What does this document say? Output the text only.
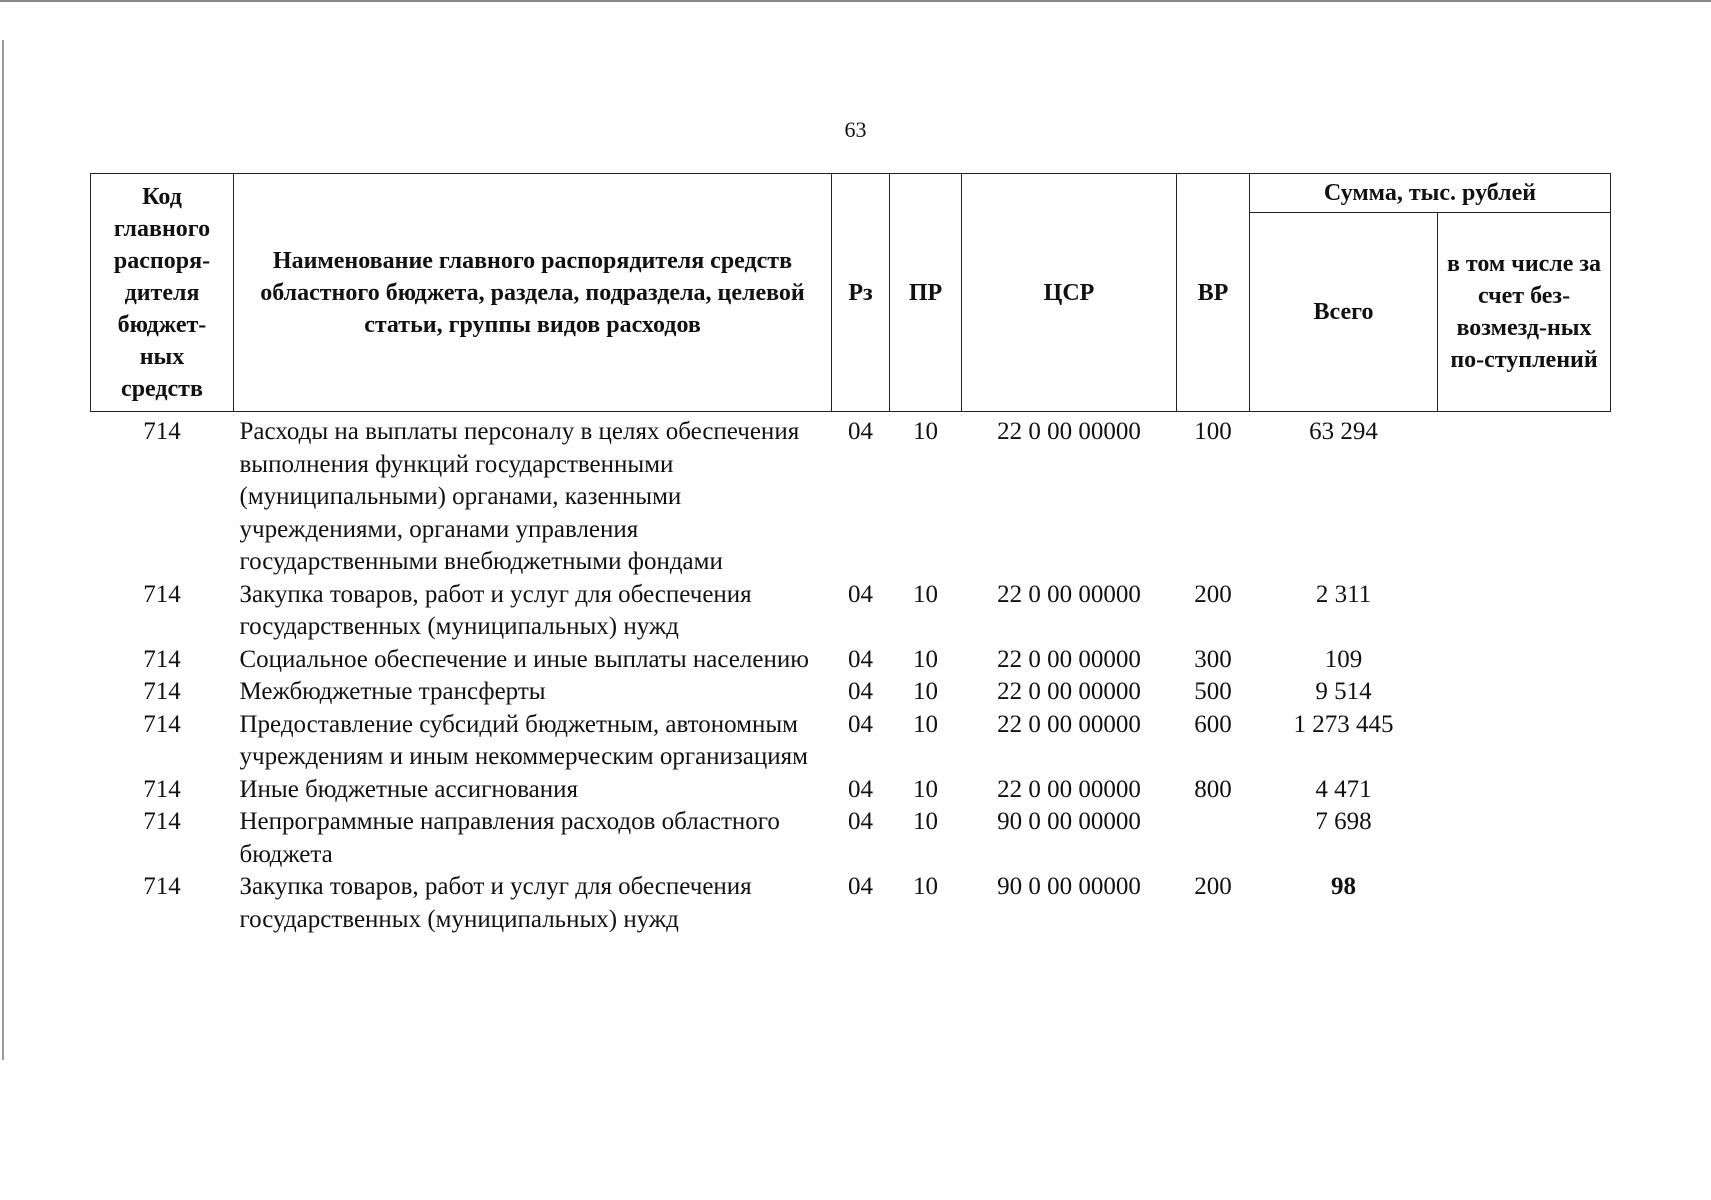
63
Код главного распоря-дителя бюджет-ных средств	Наименование главного распорядителя средств областного бюджета, раздела, подраздела, целевой статьи, группы видов расходов	Рз	ПР	ЦСР	ВР	Сумма, тыс. рублей	
						Всего	в том числе за счет без-возмезд-ных по-ступлений
714	Расходы на выплаты персоналу в целях обеспечения выполнения функций государственными (муниципальными) органами, казенными учреждениями, органами управления государственными внебюджетными фондами	04	10	22 0 00 00000	100	63 294	
714	Закупка товаров, работ и услуг для обеспечения государственных (муниципальных) нужд	04	10	22 0 00 00000	200	2 311	
714	Социальное обеспечение и иные выплаты населению	04	10	22 0 00 00000	300	109	
714	Межбюджетные трансферты	04	10	22 0 00 00000	500	9 514	
714	Предоставление субсидий бюджетным, автономным учреждениям и иным некоммерческим организациям	04	10	22 0 00 00000	600	1 273 445	
714	Иные бюджетные ассигнования	04	10	22 0 00 00000	800	4 471	
714	Непрограммные направления расходов областного бюджета	04	10	90 0 00 00000		7 698	
714	Закупка товаров, работ и услуг для обеспечения государственных (муниципальных) нужд	04	10	90 0 00 00000	200	98	
